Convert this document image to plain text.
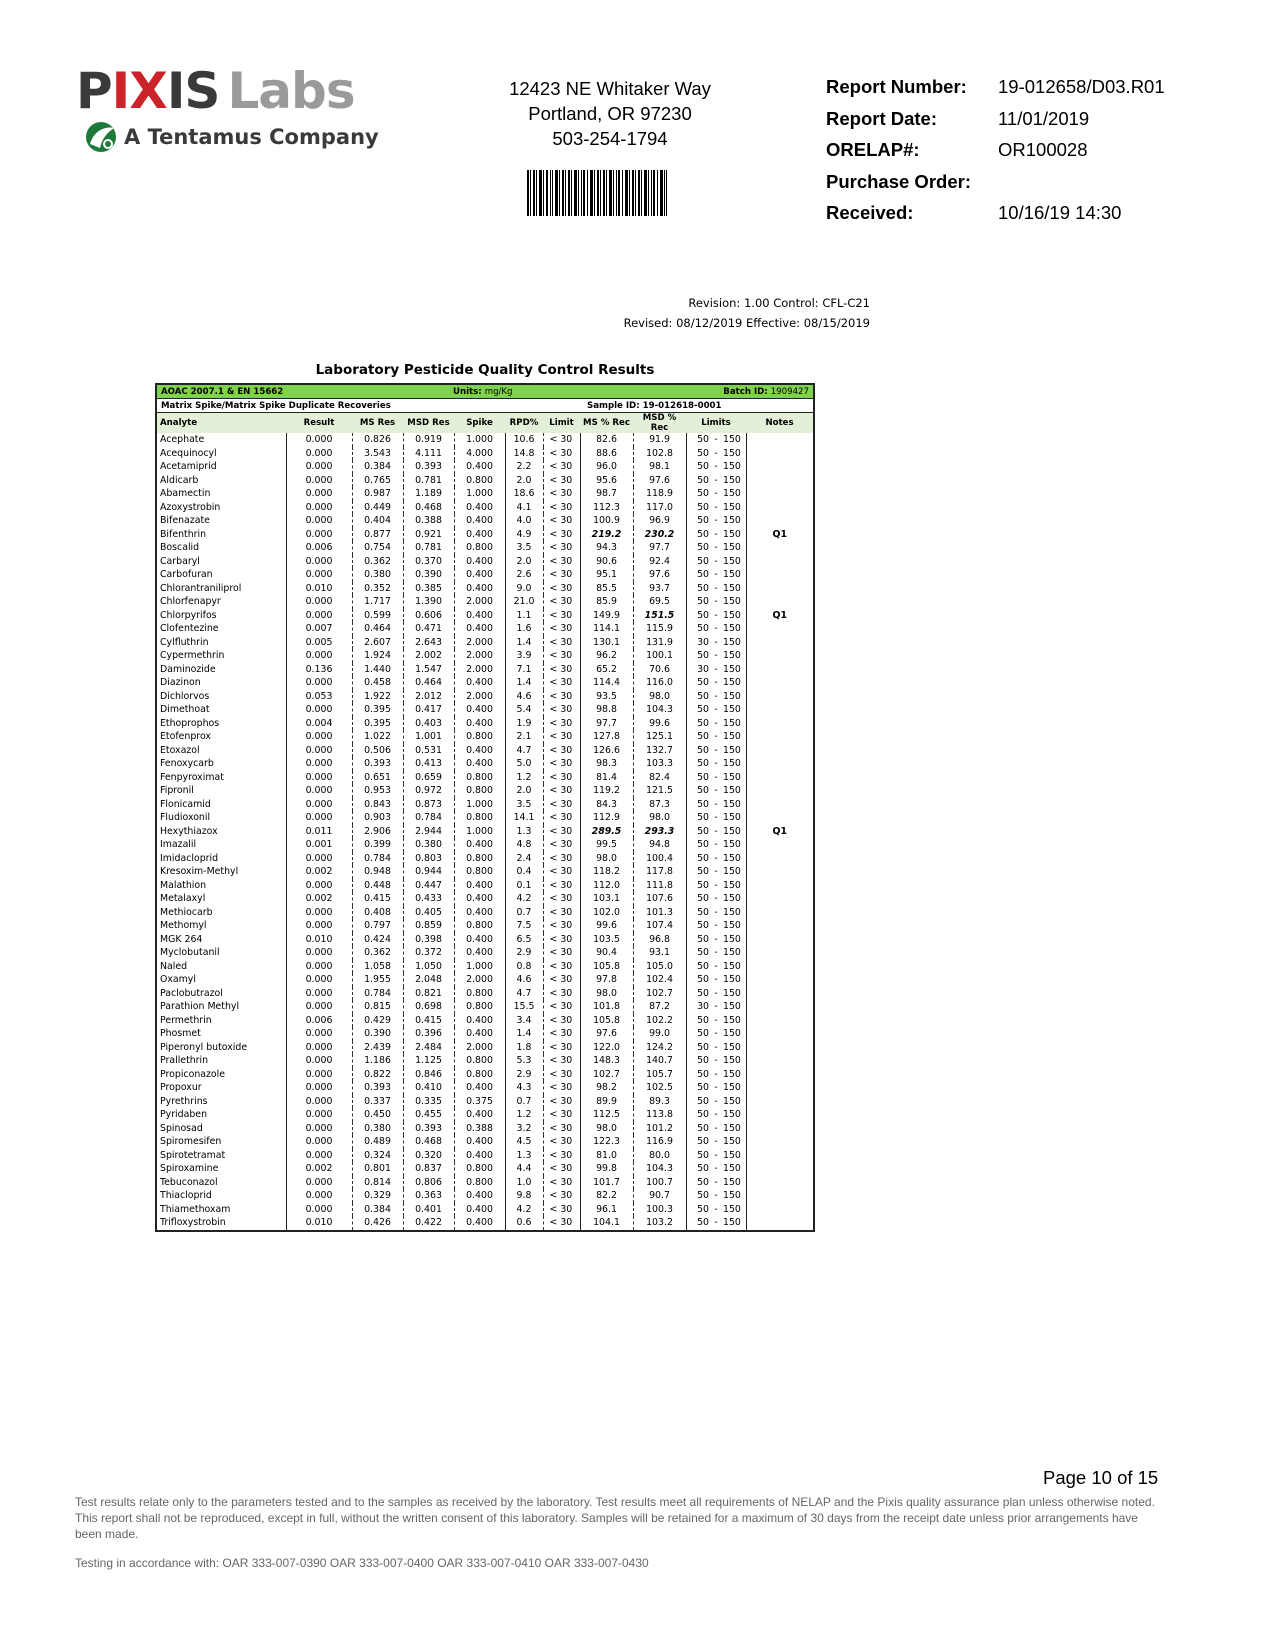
PIXIS Labs
A Tentamus Company
12423 NE Whitaker Way
Portland, OR 97230
503-254-1794
Report Number:	19-012658/D03.R01
Report Date:	11/01/2019
ORELAP#:	OR100028
Purchase Order:
Received:	10/16/19 14:30
Revision: 1.00 Control: CFL-C21
Revised: 08/12/2019 Effective: 08/15/2019
Laboratory Pesticide Quality Control Results
AOAC 2007.1 & EN 15662	Units: mg/Kg	Batch ID: 1909427
Matrix Spike/Matrix Spike Duplicate Recoveries	Sample ID: 19-012618-0001
Analyte	Result	MS Res	MSD Res	Spike	RPD%	Limit	MS % Rec	MSD % Rec	Limits			Notes
Acephate	0.000	0.826	0.919	1.000	10.6	< 30	82.6	91.9	50	-	150	
Acequinocyl	0.000	3.543	4.111	4.000	14.8	< 30	88.6	102.8	50	-	150	
Acetamiprid	0.000	0.384	0.393	0.400	2.2	< 30	96.0	98.1	50	-	150	
Aldicarb	0.000	0.765	0.781	0.800	2.0	< 30	95.6	97.6	50	-	150	
Abamectin	0.000	0.987	1.189	1.000	18.6	< 30	98.7	118.9	50	-	150	
Azoxystrobin	0.000	0.449	0.468	0.400	4.1	< 30	112.3	117.0	50	-	150	
Bifenazate	0.000	0.404	0.388	0.400	4.0	< 30	100.9	96.9	50	-	150	
Bifenthrin	0.000	0.877	0.921	0.400	4.9	< 30	219.2	230.2	50	-	150	Q1
Boscalid	0.006	0.754	0.781	0.800	3.5	< 30	94.3	97.7	50	-	150	
Carbaryl	0.000	0.362	0.370	0.400	2.0	< 30	90.6	92.4	50	-	150	
Carbofuran	0.000	0.380	0.390	0.400	2.6	< 30	95.1	97.6	50	-	150	
Chlorantraniliprol	0.010	0.352	0.385	0.400	9.0	< 30	85.5	93.7	50	-	150	
Chlorfenapyr	0.000	1.717	1.390	2.000	21.0	< 30	85.9	69.5	50	-	150	
Chlorpyrifos	0.000	0.599	0.606	0.400	1.1	< 30	149.9	151.5	50	-	150	Q1
Clofentezine	0.007	0.464	0.471	0.400	1.6	< 30	114.1	115.9	50	-	150	
Cylfluthrin	0.005	2.607	2.643	2.000	1.4	< 30	130.1	131.9	30	-	150	
Cypermethrin	0.000	1.924	2.002	2.000	3.9	< 30	96.2	100.1	50	-	150	
Daminozide	0.136	1.440	1.547	2.000	7.1	< 30	65.2	70.6	30	-	150	
Diazinon	0.000	0.458	0.464	0.400	1.4	< 30	114.4	116.0	50	-	150	
Dichlorvos	0.053	1.922	2.012	2.000	4.6	< 30	93.5	98.0	50	-	150	
Dimethoat	0.000	0.395	0.417	0.400	5.4	< 30	98.8	104.3	50	-	150	
Ethoprophos	0.004	0.395	0.403	0.400	1.9	< 30	97.7	99.6	50	-	150	
Etofenprox	0.000	1.022	1.001	0.800	2.1	< 30	127.8	125.1	50	-	150	
Etoxazol	0.000	0.506	0.531	0.400	4.7	< 30	126.6	132.7	50	-	150	
Fenoxycarb	0.000	0.393	0.413	0.400	5.0	< 30	98.3	103.3	50	-	150	
Fenpyroximat	0.000	0.651	0.659	0.800	1.2	< 30	81.4	82.4	50	-	150	
Fipronil	0.000	0.953	0.972	0.800	2.0	< 30	119.2	121.5	50	-	150	
Flonicamid	0.000	0.843	0.873	1.000	3.5	< 30	84.3	87.3	50	-	150	
Fludioxonil	0.000	0.903	0.784	0.800	14.1	< 30	112.9	98.0	50	-	150	
Hexythiazox	0.011	2.906	2.944	1.000	1.3	< 30	289.5	293.3	50	-	150	Q1
Imazalil	0.001	0.399	0.380	0.400	4.8	< 30	99.5	94.8	50	-	150	
Imidacloprid	0.000	0.784	0.803	0.800	2.4	< 30	98.0	100.4	50	-	150	
Kresoxim-Methyl	0.002	0.948	0.944	0.800	0.4	< 30	118.2	117.8	50	-	150	
Malathion	0.000	0.448	0.447	0.400	0.1	< 30	112.0	111.8	50	-	150	
Metalaxyl	0.002	0.415	0.433	0.400	4.2	< 30	103.1	107.6	50	-	150	
Methiocarb	0.000	0.408	0.405	0.400	0.7	< 30	102.0	101.3	50	-	150	
Methomyl	0.000	0.797	0.859	0.800	7.5	< 30	99.6	107.4	50	-	150	
MGK 264	0.010	0.424	0.398	0.400	6.5	< 30	103.5	96.8	50	-	150	
Myclobutanil	0.000	0.362	0.372	0.400	2.9	< 30	90.4	93.1	50	-	150	
Naled	0.000	1.058	1.050	1.000	0.8	< 30	105.8	105.0	50	-	150	
Oxamyl	0.000	1.955	2.048	2.000	4.6	< 30	97.8	102.4	50	-	150	
Paclobutrazol	0.000	0.784	0.821	0.800	4.7	< 30	98.0	102.7	50	-	150	
Parathion Methyl	0.000	0.815	0.698	0.800	15.5	< 30	101.8	87.2	30	-	150	
Permethrin	0.006	0.429	0.415	0.400	3.4	< 30	105.8	102.2	50	-	150	
Phosmet	0.000	0.390	0.396	0.400	1.4	< 30	97.6	99.0	50	-	150	
Piperonyl butoxide	0.000	2.439	2.484	2.000	1.8	< 30	122.0	124.2	50	-	150	
Prallethrin	0.000	1.186	1.125	0.800	5.3	< 30	148.3	140.7	50	-	150	
Propiconazole	0.000	0.822	0.846	0.800	2.9	< 30	102.7	105.7	50	-	150	
Propoxur	0.000	0.393	0.410	0.400	4.3	< 30	98.2	102.5	50	-	150	
Pyrethrins	0.000	0.337	0.335	0.375	0.7	< 30	89.9	89.3	50	-	150	
Pyridaben	0.000	0.450	0.455	0.400	1.2	< 30	112.5	113.8	50	-	150	
Spinosad	0.000	0.380	0.393	0.388	3.2	< 30	98.0	101.2	50	-	150	
Spiromesifen	0.000	0.489	0.468	0.400	4.5	< 30	122.3	116.9	50	-	150	
Spirotetramat	0.000	0.324	0.320	0.400	1.3	< 30	81.0	80.0	50	-	150	
Spiroxamine	0.002	0.801	0.837	0.800	4.4	< 30	99.8	104.3	50	-	150	
Tebuconazol	0.000	0.814	0.806	0.800	1.0	< 30	101.7	100.7	50	-	150	
Thiacloprid	0.000	0.329	0.363	0.400	9.8	< 30	82.2	90.7	50	-	150	
Thiamethoxam	0.000	0.384	0.401	0.400	4.2	< 30	96.1	100.3	50	-	150	
Trifloxystrobin	0.010	0.426	0.422	0.400	0.6	< 30	104.1	103.2	50	-	150	
Page 10 of 15
Test results relate only to the parameters tested and to the samples as received by the laboratory. Test results meet all requirements of NELAP and the Pixis quality assurance plan unless otherwise noted. This report shall not be reproduced, except in full, without the written consent of this laboratory. Samples will be retained for a maximum of 30 days from the receipt date unless prior arrangements have been made.
Testing in accordance with: OAR 333-007-0390 OAR 333-007-0400 OAR 333-007-0410 OAR 333-007-0430
